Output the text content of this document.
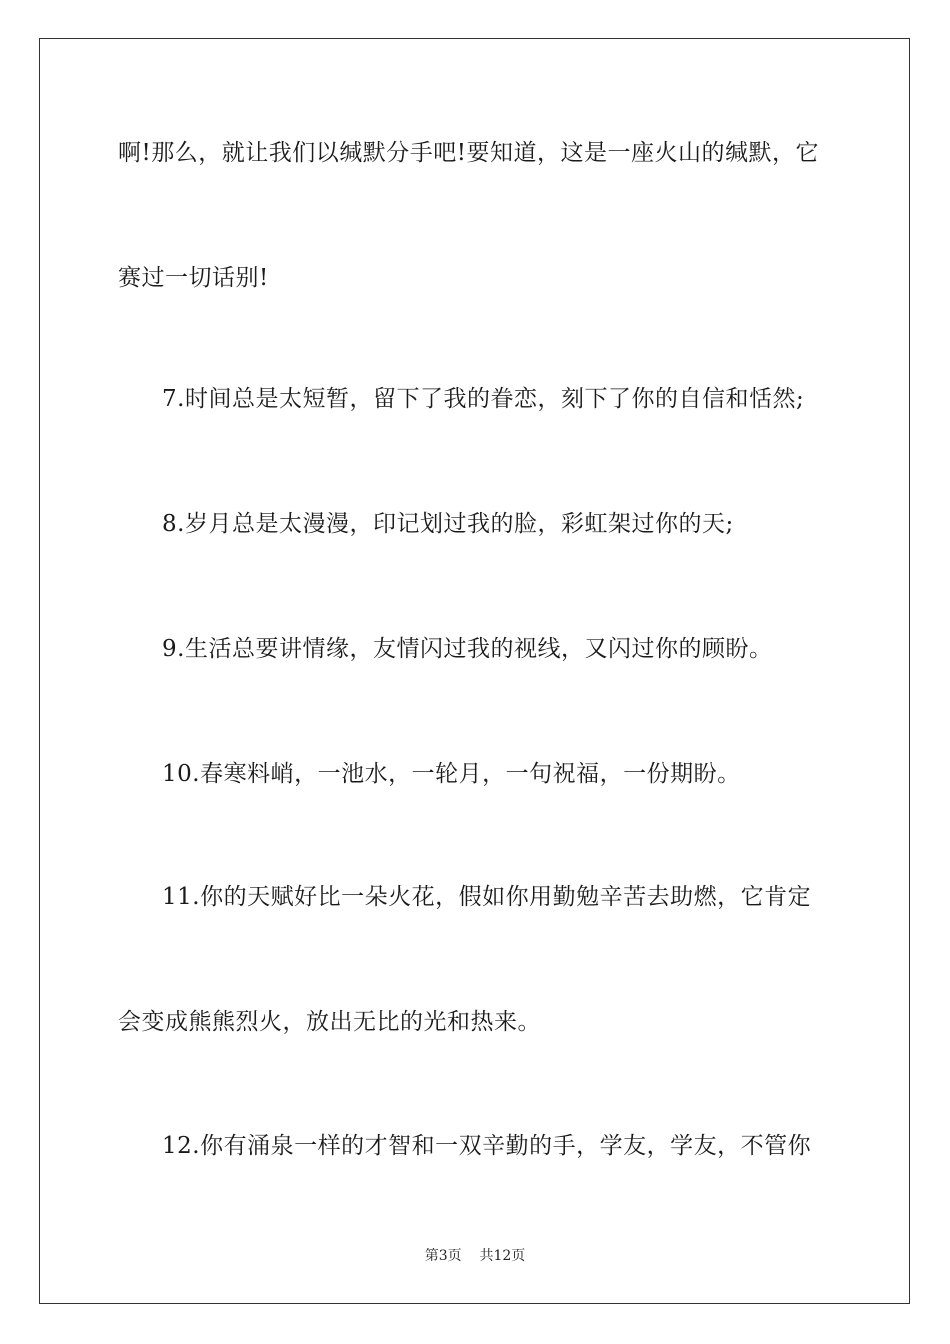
啊!那么，就让我们以缄默分手吧!要知道，这是一座火山的缄默，它
赛过一切话别!
7.时间总是太短暂，留下了我的眷恋，刻下了你的自信和恬然;
8.岁月总是太漫漫，印记划过我的脸，彩虹架过你的天;
9.生活总要讲情缘，友情闪过我的视线，又闪过你的顾盼。
10.春寒料峭，一池水，一轮月，一句祝福，一份期盼。
11.你的天赋好比一朵火花，假如你用勤勉辛苦去助燃，它肯定
会变成熊熊烈火，放出无比的光和热来。
12.你有涌泉一样的才智和一双辛勤的手，学友，学友，不管你
第3页 共12页
